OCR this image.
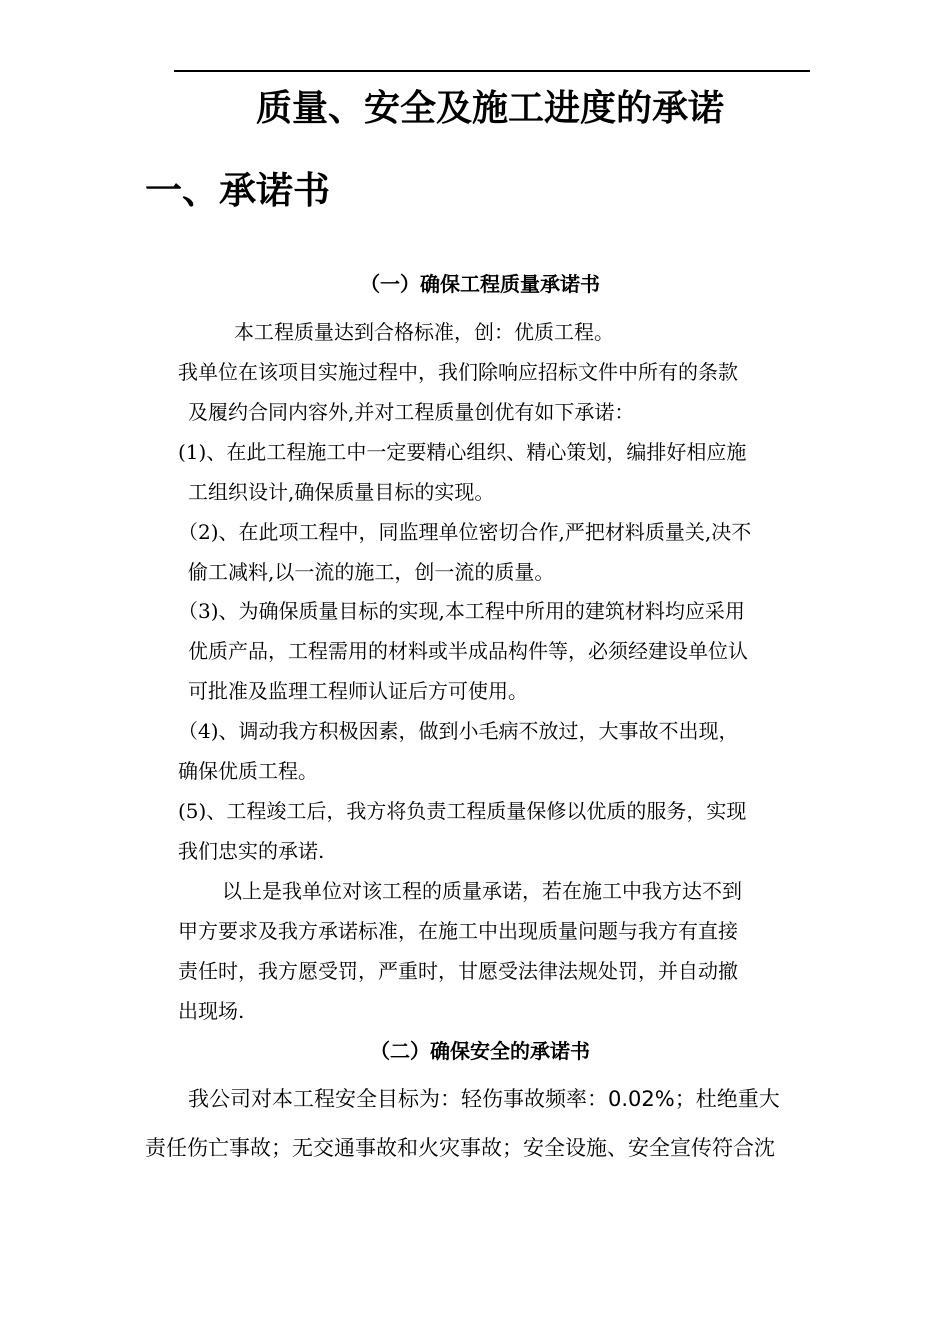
质量、安全及施工进度的承诺
一、承诺书
（一）确保工程质量承诺书
本工程质量达到合格标准，创：优质工程。
我单位在该项目实施过程中，我们除响应招标文件中所有的条款
及履约合同内容外,并对工程质量创优有如下承诺：
(1)、在此工程施工中一定要精心组织、精心策划，编排好相应施
工组织设计,确保质量目标的实现。
（2)、在此项工程中，同监理单位密切合作,严把材料质量关,决不
偷工减料,以一流的施工，创一流的质量。
（3)、为确保质量目标的实现,本工程中所用的建筑材料均应采用
优质产品，工程需用的材料或半成品构件等，必须经建设单位认
可批准及监理工程师认证后方可使用。
（4)、调动我方积极因素，做到小毛病不放过，大事故不出现，
确保优质工程。
(5)、工程竣工后，我方将负责工程质量保修以优质的服务，实现
我们忠实的承诺.
以上是我单位对该工程的质量承诺，若在施工中我方达不到
甲方要求及我方承诺标准，在施工中出现质量问题与我方有直接
责任时，我方愿受罚，严重时，甘愿受法律法规处罚，并自动撤
出现场.
（二）确保安全的承诺书
我公司对本工程安全目标为：轻伤事故频率：0.02%；杜绝重大
责任伤亡事故；无交通事故和火灾事故；安全设施、安全宣传符合沈
